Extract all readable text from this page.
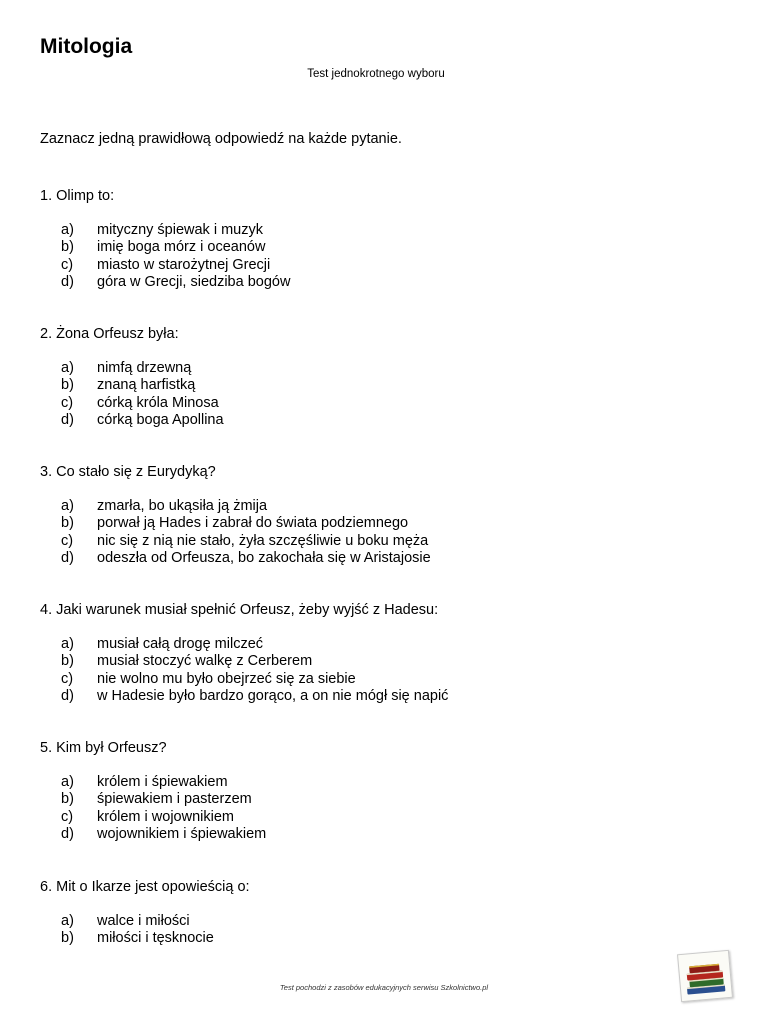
Mitologia
Test jednokrotnego wyboru
Zaznacz jedną prawidłową odpowiedź na każde pytanie.

1. Olimp to:

a) mityczny śpiewak i muzyk
b) imię boga mórz i oceanów
c) miasto w starożytnej Grecji
d) góra w Grecji, siedziba bogów

2. Żona Orfeusz była:

a) nimfą drzewną
b) znaną harfistką
c) córką króla Minosa
d) córką boga Apollina

3. Co stało się z Eurydyką?

a) zmarła, bo ukąsiła ją żmija
b) porwał ją Hades i zabrał do świata podziemnego
c) nic się z nią nie stało, żyła szczęśliwie u boku męża
d) odeszła od Orfeusza, bo zakochała się w Aristajosie

4. Jaki warunek musiał spełnić Orfeusz, żeby wyjść z Hadesu:

a) musiał całą drogę milczeć
b) musiał stoczyć walkę z Cerberem
c) nie wolno mu było obejrzeć się za siebie
d) w Hadesie było bardzo gorąco, a on nie mógł się napić

5. Kim był Orfeusz?

a) królem i śpiewakiem
b) śpiewakiem i pasterzem
c) królem i wojownikiem
d) wojownikiem i śpiewakiem

6. Mit o Ikarze jest opowieścią o:

a) walce i miłości
b) miłości i tęsknocie
Test pochodzi z zasobów edukacyjnych serwisu Szkolnictwo.pl
